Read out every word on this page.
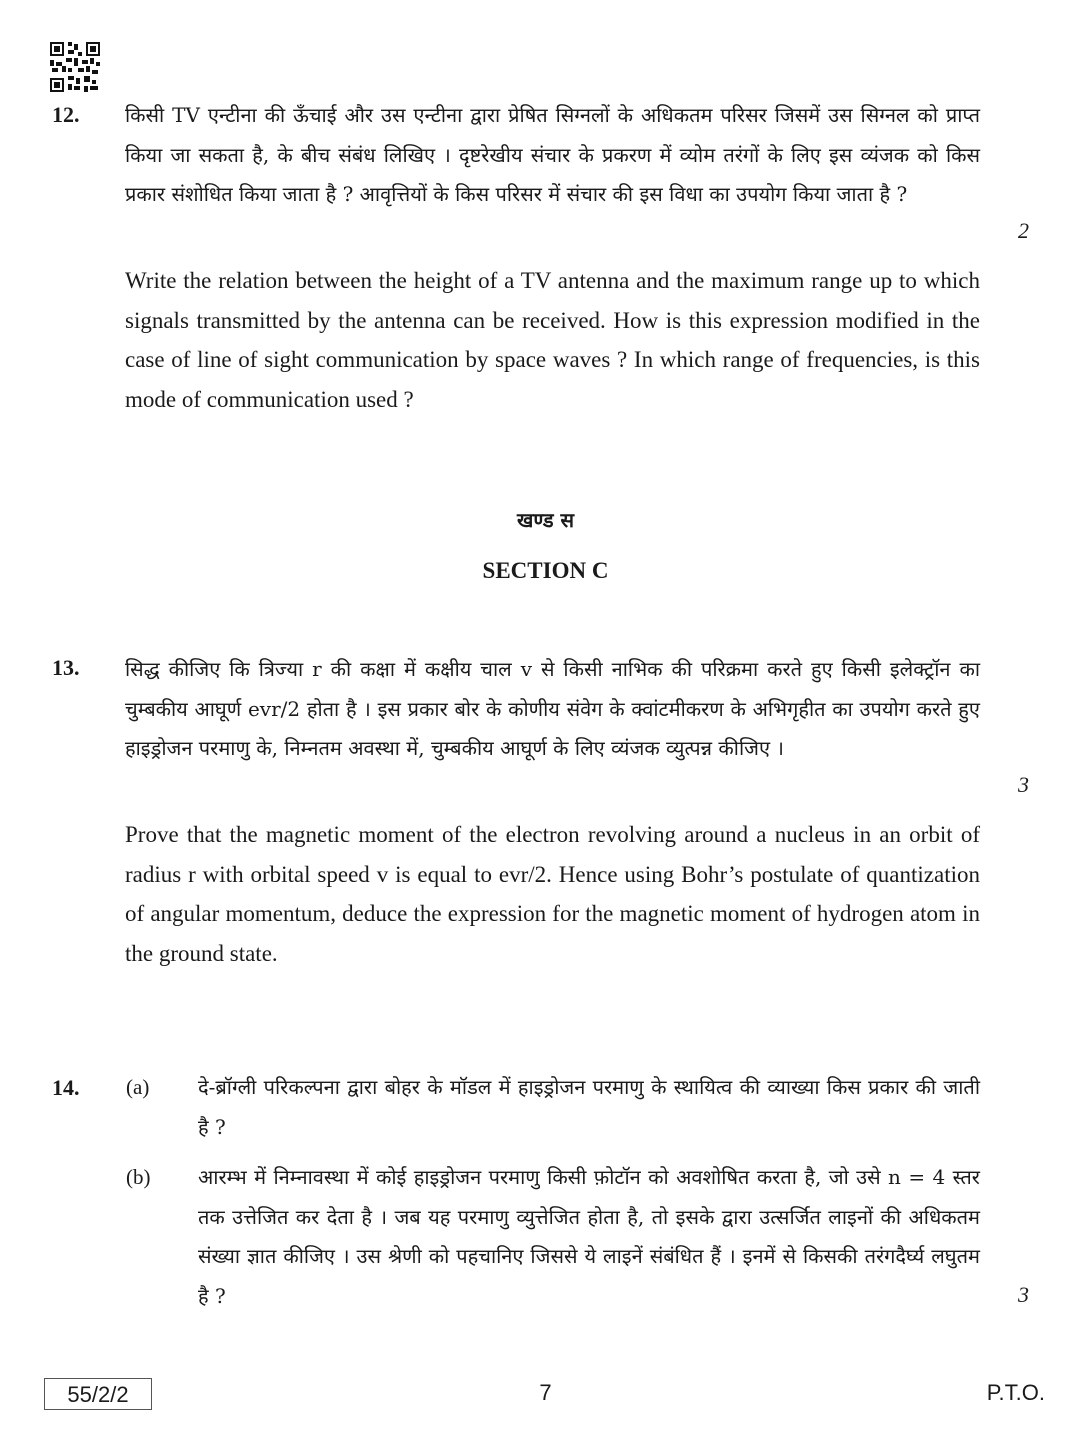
12. किसी TV एन्टीना की ऊँचाई और उस एन्टीना द्वारा प्रेषित सिग्नलों के अधिकतम परिसर जिसमें उस सिग्नल को प्राप्त किया जा सकता है, के बीच संबंध लिखिए । दृष्टरेखीय संचार के प्रकरण में व्योम तरंगों के लिए इस व्यंजक को किस प्रकार संशोधित किया जाता है ? आवृत्तियों के किस परिसर में संचार की इस विधा का उपयोग किया जाता है ?
2
Write the relation between the height of a TV antenna and the maximum range up to which signals transmitted by the antenna can be received. How is this expression modified in the case of line of sight communication by space waves ? In which range of frequencies, is this mode of communication used ?
खण्ड स
SECTION C
13. सिद्ध कीजिए कि त्रिज्या r की कक्षा में कक्षीय चाल v से किसी नाभिक की परिक्रमा करते हुए किसी इलेक्ट्रॉन का चुम्बकीय आघूर्ण evr/2 होता है । इस प्रकार बोर के कोणीय संवेग के क्वांटमीकरण के अभिगृहीत का उपयोग करते हुए हाइड्रोजन परमाणु के, निम्नतम अवस्था में, चुम्बकीय आघूर्ण के लिए व्यंजक व्युत्पन्न कीजिए ।
3
Prove that the magnetic moment of the electron revolving around a nucleus in an orbit of radius r with orbital speed v is equal to evr/2. Hence using Bohr’s postulate of quantization of angular momentum, deduce the expression for the magnetic moment of hydrogen atom in the ground state.
14. (a) दे-ब्रॉग्ली परिकल्पना द्वारा बोहर के मॉडल में हाइड्रोजन परमाणु के स्थायित्व की व्याख्या किस प्रकार की जाती है ?
(b) आरम्भ में निम्नावस्था में कोई हाइड्रोजन परमाणु किसी फ़ोटॉन को अवशोषित करता है, जो उसे n = 4 स्तर तक उत्तेजित कर देता है । जब यह परमाणु व्युत्तेजित होता है, तो इसके द्वारा उत्सर्जित लाइनों की अधिकतम संख्या ज्ञात कीजिए । उस श्रेणी को पहचानिए जिससे ये लाइनें संबंधित हैं । इनमें से किसकी तरंगदैर्घ्य लघुतम है ?	3
55/2/2	7	P.T.O.
